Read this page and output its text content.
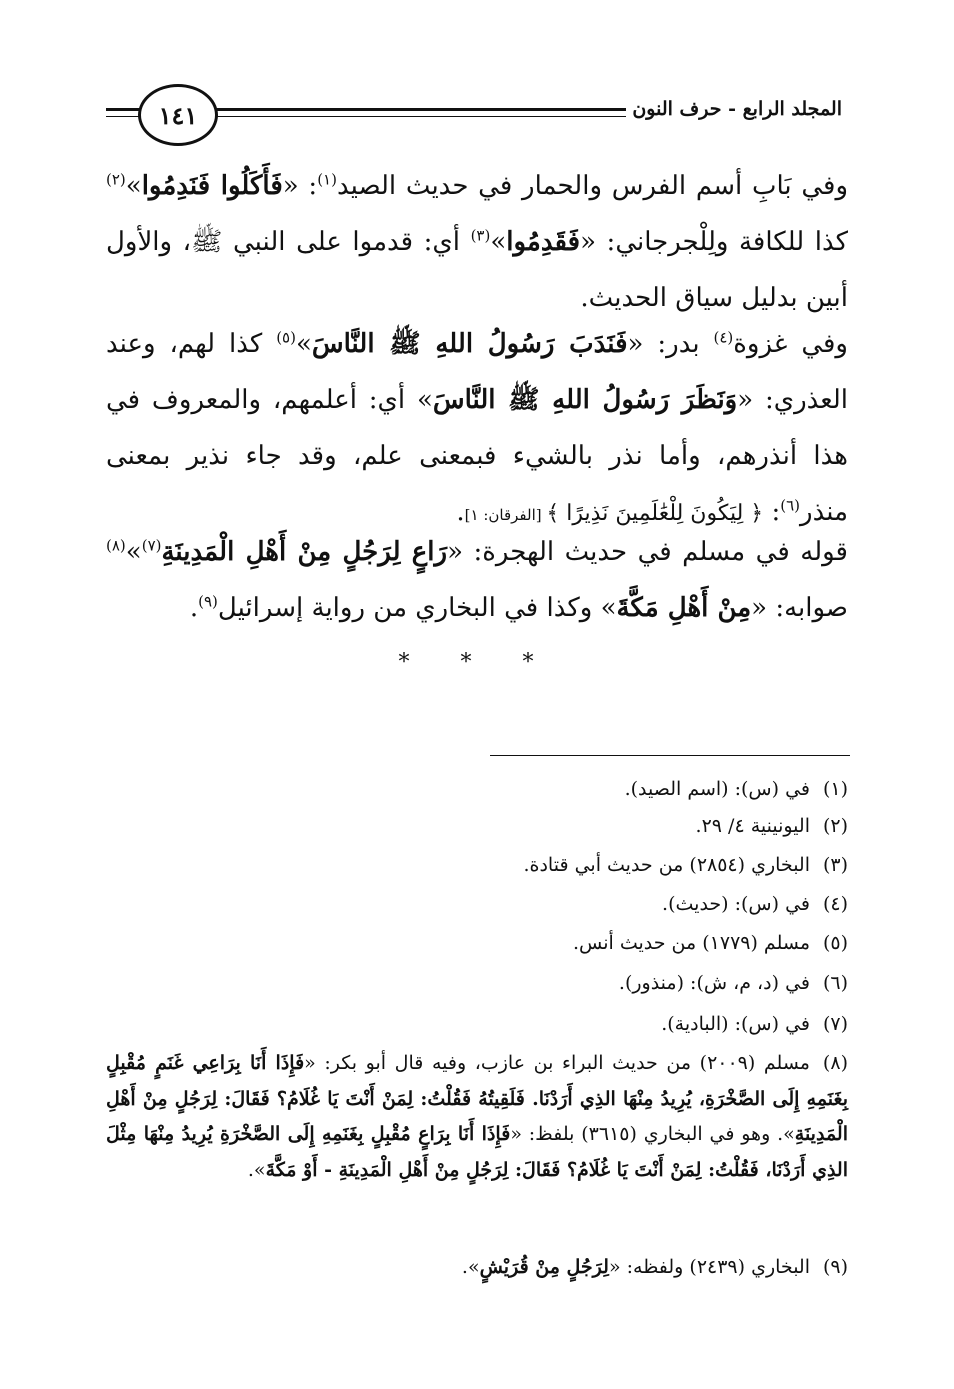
المجلد الرابع - حرف النون
١٤١
وفي بَابِ أسم الفرس والحمار في حديث الصيد$^{(١)}$: «فَأَكَلُوا فَنَدِمُوا»$^{(٢)}$ كذا للكافة ولِلْجرجاني: «فَقَدِمُوا»$^{(٣)}$ أي: قدموا على النبي ﷺ، والأول أبين بدليل سياق الحديث.
وفي غزوة$^{(٤)}$ بدر: «فَنَدَبَ رَسُولُ اللهِ ﷺ النَّاسَ»$^{(٥)}$ كذا لهم، وعند العذري: «وَنَظَرَ رَسُولُ اللهِ ﷺ النَّاسَ» أي: أعلمهم، والمعروف في هذا أنذرهم، وأما نذر بالشيء فبمعنى علم، وقد جاء نذير بمعنى منذر$^{(٦)}$: ﴿ لِيَكُونَ لِلْعَٰلَمِينَ نَذِيرًا ﴾ [الفرقان: ١].
قوله في مسلم في حديث الهجرة: «رَاعٍ لِرَجُلٍ مِنْ أَهْلِ الْمَدِينَةِ$^{(٧)}$»$^{(٨)}$ صوابه: «مِنْ أَهْلِ مَكَّةَ» وكذا في البخاري من رواية إسرائيل$^{(٩)}$.
* * *
(١)في (س): (اسم الصيد).
(٢)اليونينية ٤/ ٢٩.
(٣)البخاري (٢٨٥٤) من حديث أبي قتادة.
(٤)في (س): (حديث).
(٥)مسلم (١٧٧٩) من حديث أنس.
(٦)في (د، م، ش): (منذور).
(٧)في (س): (البادية).
(٨)مسلم (٢٠٠٩) من حديث البراء بن عازب، وفيه قال أبو بكر: «فَإِذَا أَنَا بِرَاعِي غَنَمٍ مُقْبِلٍ بِغَنَمِهِ إِلَى الصَّخْرَةِ، يُرِيدُ مِنْهَا الذِي أَرَدْنَا. فَلَقِيتُهُ فَقُلْتُ: لِمَنْ أَنْتَ يَا غُلَامُ؟ فَقَالَ: لِرَجُلٍ مِنْ أَهْلِ الْمَدِينَةِ». وهو في البخاري (٣٦١٥) بلفظ: «فَإِذَا أَنَا بِرَاعٍ مُقْبِلٍ بِغَنَمِهِ إِلَى الصَّخْرَةِ يُرِيدُ مِنْهَا مِثْلَ الذِي أَرَدْنَا، فَقُلْتُ: لِمَنْ أَنْتَ يَا غُلَامُ؟ فَقَالَ: لِرَجُلٍ مِنْ أَهْلِ الْمَدِينَةِ - أَوْ مَكَّةَ».
(٩)البخاري (٢٤٣٩) ولفظه: «لِرَجُلٍ مِنْ قُرَيْشٍ».
